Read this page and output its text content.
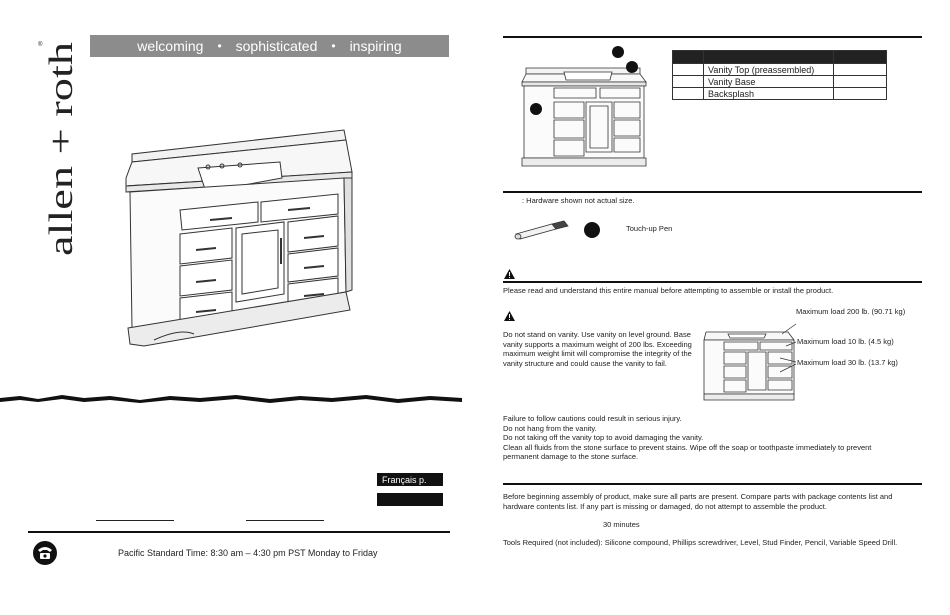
allen + roth
®	welcoming • sophisticated • inspiring
Français p.
Pacific Standard Time: 8:30 am – 4:30 pm PST Monday to Friday

	Vanity Top (preassembled)	
	Vanity Base	
	Backsplash	
: Hardware shown not actual size.
Touch-up Pen
Please read and understand this entire manual before attempting to assemble or install the product.
Do not stand on vanity. Use vanity on level ground. Base vanity supports a maximum weight of 200 lbs. Exceeding maximum weight limit will compromise the integrity of the vanity structure and could cause the vanity to fail.
Maximum load 200 lb. (90.71 kg)
Maximum load 10 lb. (4.5 kg)
Maximum load 30 lb. (13.7 kg)
Failure to follow cautions could result in serious injury.
Do not hang from the vanity.
Do not taking off the vanity top to avoid damaging the vanity.
Clean all fluids from the stone surface to prevent stains. Wipe off the soap or toothpaste immediately to prevent permanent damage to the stone surface.
Before beginning assembly of product, make sure all parts are present. Compare parts with package contents list and hardware contents list. If any part is missing or damaged, do not attempt to assemble the product.
30 minutes
Tools Required (not included): Silicone compound, Phillips screwdriver, Level, Stud Finder, Pencil, Variable Speed Drill.
